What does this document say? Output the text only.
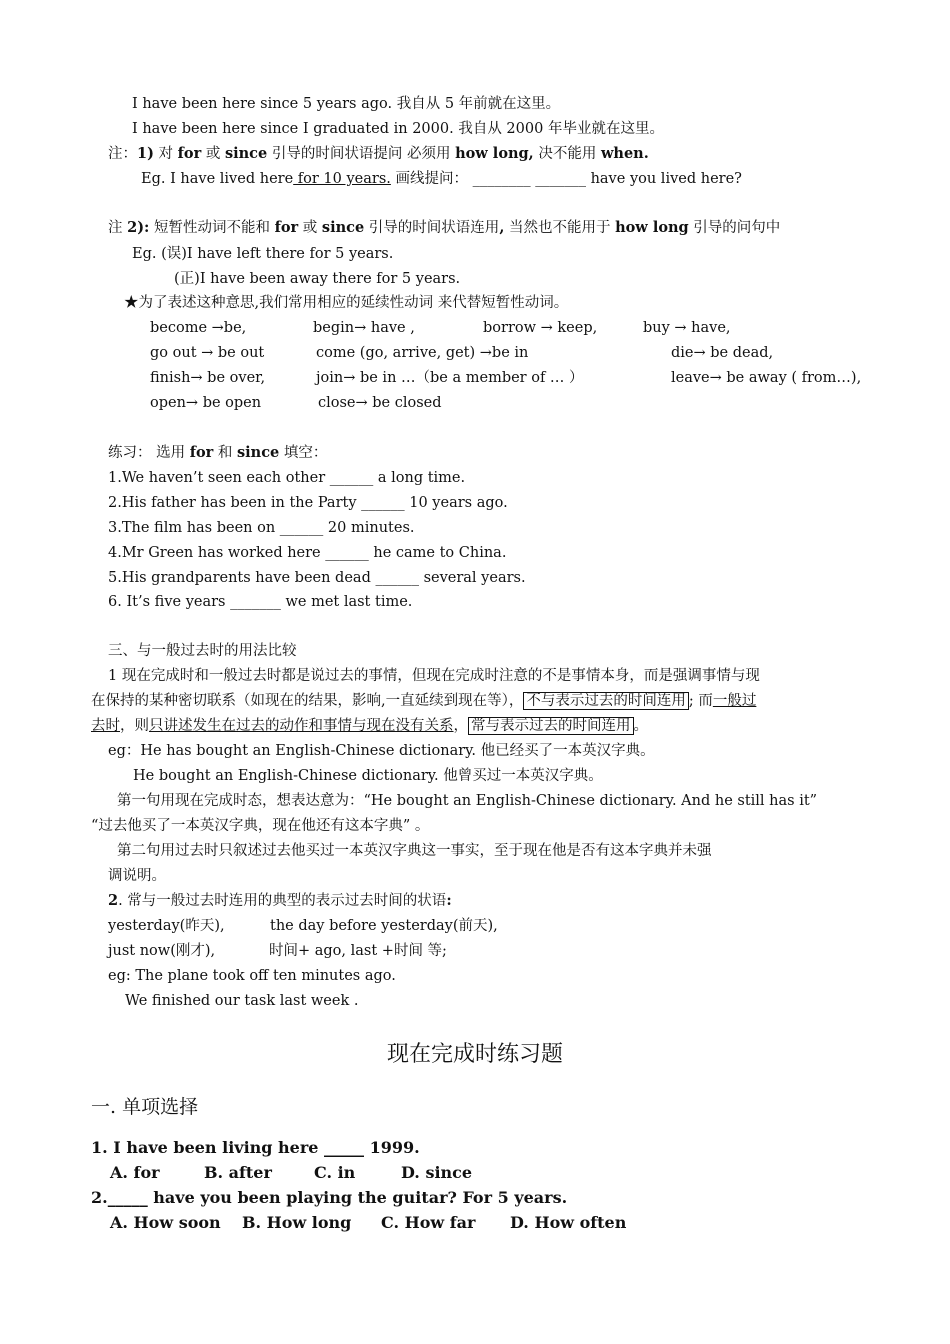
I have been here since 5 years ago. 我自从 5 年前就在这里。
I have been here since I graduated in 2000. 我自从 2000 年毕业就在这里。
注：1) 对 for 或 since 引导的时间状语提问 必须用 how long, 决不能用 when.
Eg. I have lived here for 10 years. 画线提问： ________ _______ have you lived here?
注 2): 短暂性动词不能和 for 或 since 引导的时间状语连用, 当然也不能用于 how long 引导的问句中
Eg. (误)I have left there for 5 years.
(正)I have been away there for 5 years.
★为了表述这种意思,我们常用相应的延续性动词 来代替短暂性动词。
become →be,	begin→ have ,	borrow → keep,	buy → have,
go out → be out	come (go, arrive, get) →be in	die→ be dead,
finish→ be over,	join→ be in …（be a member of … ）	leave→ be away ( from…),
open→ be open	close→ be closed
练习： 选用 for 和 since 填空：
1.We haven’t seen each other ______ a long time.
2.His father has been in the Party ______ 10 years ago.
3.The film has been on ______ 20 minutes.
4.Mr Green has worked here ______ he came to China.
5.His grandparents have been dead ______ several years.
6. It’s five years _______ we met last time.
三、与一般过去时的用法比较
1 现在完成时和一般过去时都是说过去的事情，但现在完成时注意的不是事情本身，而是强调事情与现
在保持的某种密切联系（如现在的结果，影响,一直延续到现在等）， 不与表示过去的时间连用 ; 而一般过
去时，则只讲述发生在过去的动作和事情与现在没有关系， 常与表示过去的时间连用 。
eg：He has bought an English-Chinese dictionary. 他已经买了一本英汉字典。
He bought an English-Chinese dictionary. 他曾买过一本英汉字典。
第一句用现在完成时态，想表达意为：“He bought an English-Chinese dictionary. And he still has it”
“过去他买了一本英汉字典，现在他还有这本字典” 。
第二句用过去时只叙述过去他买过一本英汉字典这一事实，至于现在他是否有这本字典并未强
调说明。
2. 常与一般过去时连用的典型的表示过去时间的状语:
yesterday(昨天),	the day before yesterday(前天),
just now(刚才),	时间+ ago, last +时间 等;
eg: The plane took off ten minutes ago.
We finished our task last week .
现在完成时练习题
一. 单项选择
1. I have been living here _____ 1999.
A. for	B. after	C. in	D. since
2._____ have you been playing the guitar? For 5 years.
A. How soon B. How long C. How far D. How often
